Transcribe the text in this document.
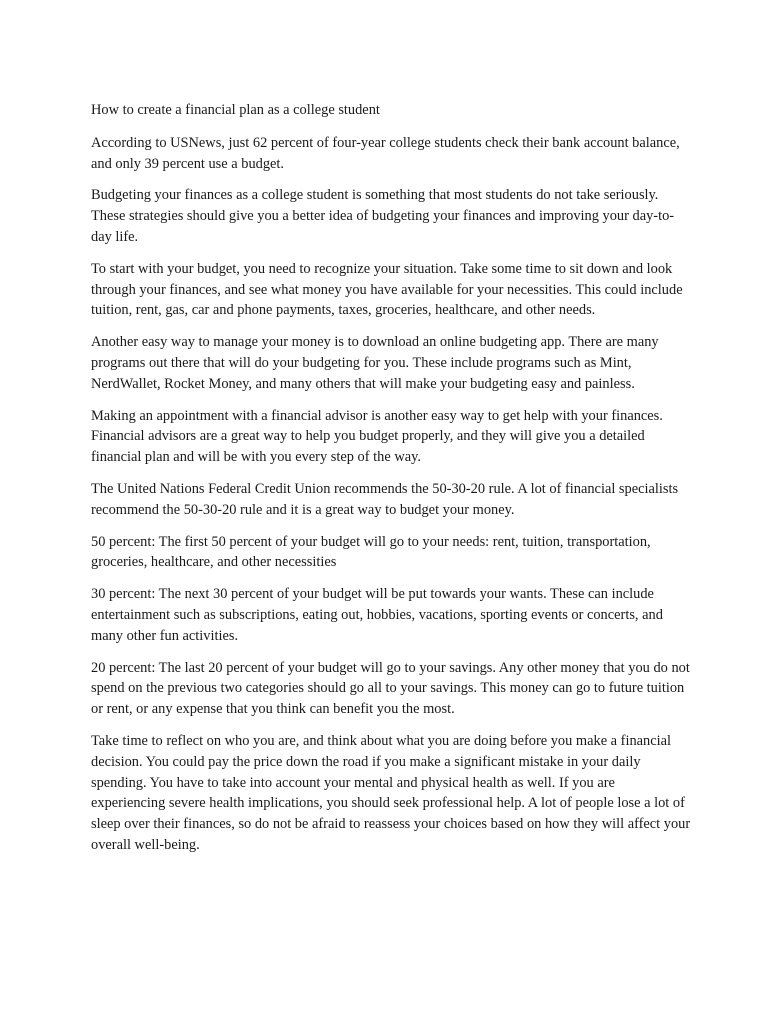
How to create a financial plan as a college student

According to USNews, just 62 percent of four-year college students check their bank account balance, and only 39 percent use a budget.

Budgeting your finances as a college student is something that most students do not take seriously. These strategies should give you a better idea of budgeting your finances and improving your day-to-day life.

To start with your budget, you need to recognize your situation. Take some time to sit down and look through your finances, and see what money you have available for your necessities. This could include tuition, rent, gas, car and phone payments, taxes, groceries, healthcare, and other needs.

Another easy way to manage your money is to download an online budgeting app. There are many programs out there that will do your budgeting for you. These include programs such as Mint, NerdWallet, Rocket Money, and many others that will make your budgeting easy and painless.

Making an appointment with a financial advisor is another easy way to get help with your finances. Financial advisors are a great way to help you budget properly, and they will give you a detailed financial plan and will be with you every step of the way.

The United Nations Federal Credit Union recommends the 50-30-20 rule. A lot of financial specialists recommend the 50-30-20 rule and it is a great way to budget your money.

50 percent: The first 50 percent of your budget will go to your needs: rent, tuition, transportation, groceries, healthcare, and other necessities

30 percent: The next 30 percent of your budget will be put towards your wants. These can include entertainment such as subscriptions, eating out, hobbies, vacations, sporting events or concerts, and many other fun activities.

20 percent: The last 20 percent of your budget will go to your savings. Any other money that you do not spend on the previous two categories should go all to your savings. This money can go to future tuition or rent, or any expense that you think can benefit you the most.

Take time to reflect on who you are, and think about what you are doing before you make a financial decision. You could pay the price down the road if you make a significant mistake in your daily spending. You have to take into account your mental and physical health as well. If you are experiencing severe health implications, you should seek professional help. A lot of people lose a lot of sleep over their finances, so do not be afraid to reassess your choices based on how they will affect your overall well-being.
